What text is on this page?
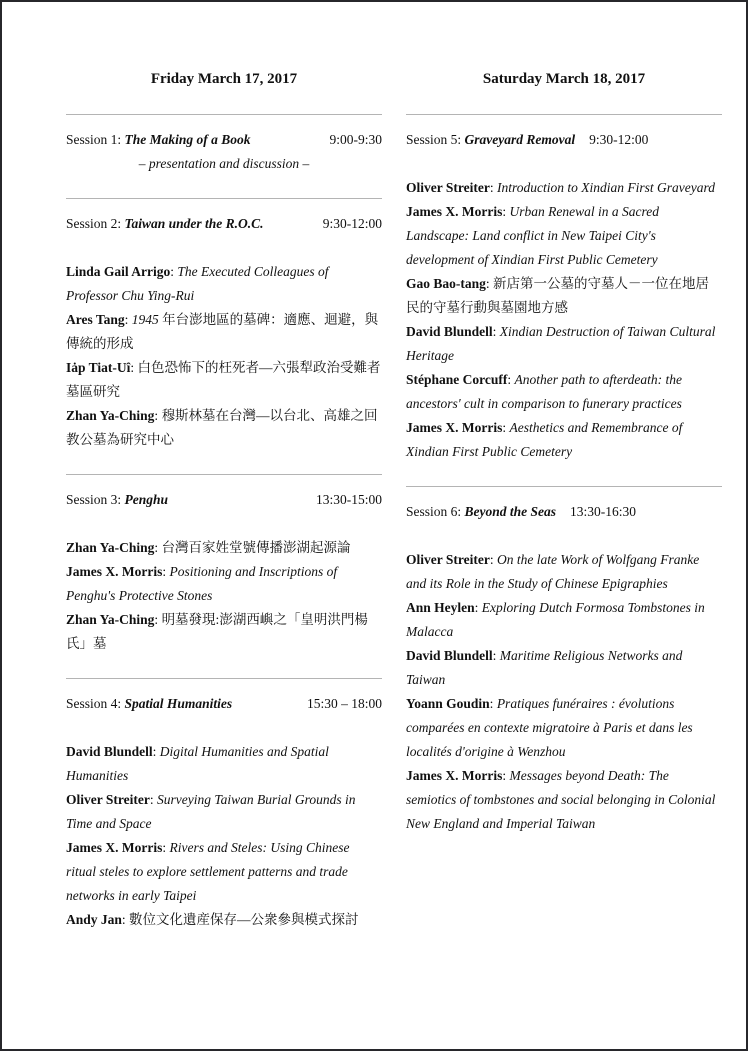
Friday March 17, 2017
Session 1: The Making of a Book	9:00-9:30

– presentation and discussion –

Session 2: Taiwan under the R.O.C.	9:30-12:00

Linda Gail Arrigo: The Executed Colleagues of Professor Chu Ying-Rui

Ares Tang: 1945 年台澎地區的墓碑：適應、迴避，與傳統的形成

Iȧp Tiat-Uî: 白色恐怖下的枉死者—六張犁政治受難者墓區研究

Zhan Ya-Ching: 穆斯林墓在台灣—以台北、高雄之回教公墓為研究中心

Session 3: Penghu	13:30-15:00

Zhan Ya-Ching: 台灣百家姓堂號傳播澎湖起源論

James X. Morris: Positioning and Inscriptions of Penghu's Protective Stones

Zhan Ya-Ching: 明墓發現:澎湖西嶼之「皇明洪門楊氏」墓

Session 4: Spatial Humanities	15:30 – 18:00

David Blundell: Digital Humanities and Spatial Humanities

Oliver Streiter: Surveying Taiwan Burial Grounds in Time and Space

James X. Morris: Rivers and Steles: Using Chinese ritual steles to explore settlement patterns and trade networks in early Taipei

Andy Jan: 數位文化遺産保存—公衆參與模式探討

Saturday March 18, 2017
Session 5: Graveyard Removal 9:30-12:00

Oliver Streiter: Introduction to Xindian First Graveyard

James X. Morris: Urban Renewal in a Sacred Landscape: Land conflict in New Taipei City's development of Xindian First Public Cemetery

Gao Bao-tang: 新店第一公墓的守墓人－一位在地居民的守墓行動與墓園地方感

David Blundell: Xindian Destruction of Taiwan Cultural Heritage

Stéphane Corcuff: Another path to afterdeath: the ancestors' cult in comparison to funerary practices

James X. Morris: Aesthetics and Remembrance of Xindian First Public Cemetery

Session 6: Beyond the Seas 13:30-16:30

Oliver Streiter: On the late Work of Wolfgang Franke and its Role in the Study of Chinese Epigraphies

Ann Heylen: Exploring Dutch Formosa Tombstones in Malacca

David Blundell: Maritime Religious Networks and Taiwan

Yoann Goudin: Pratiques funéraires : évolutions comparées en contexte migratoire à Paris et dans les localités d'origine à Wenzhou

James X. Morris: Messages beyond Death: The semiotics of tombstones and social belonging in Colonial New England and Imperial Taiwan
